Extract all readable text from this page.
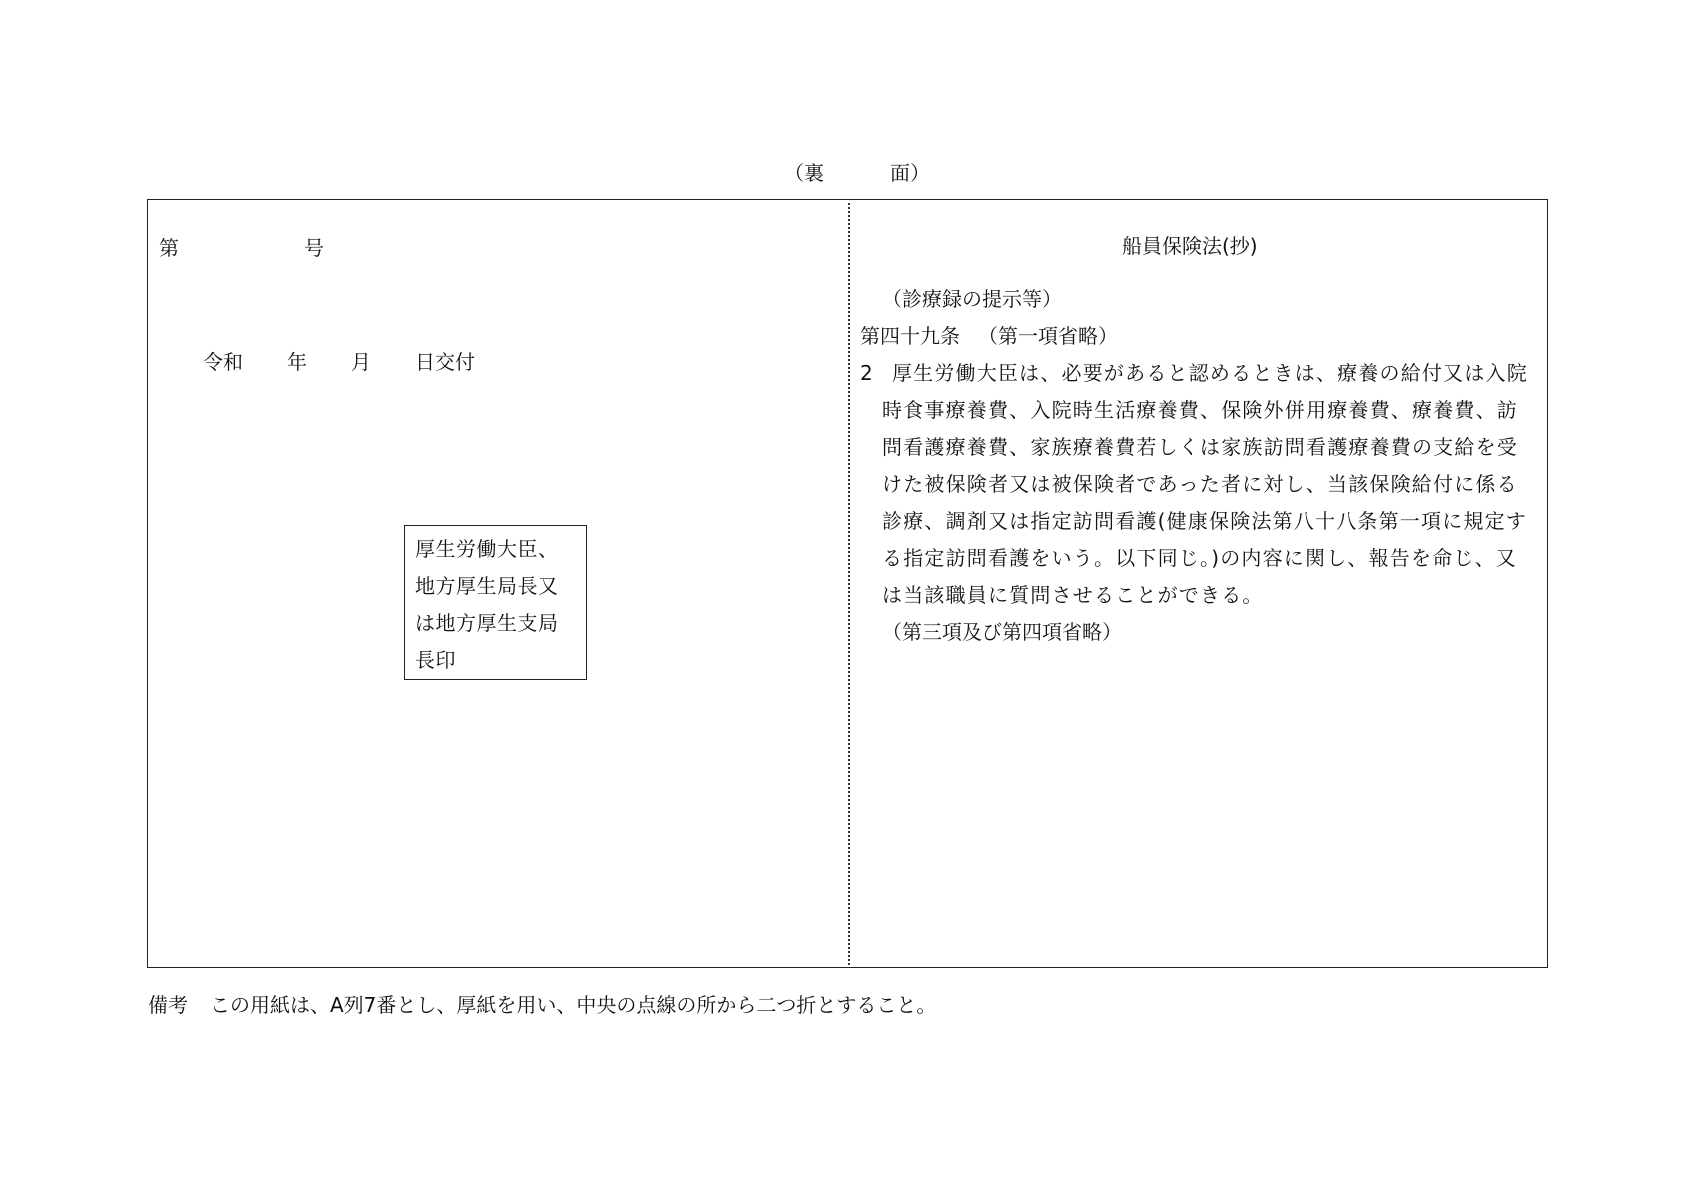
（裏	面）
第	号
令和 年 月 日交付
厚生労働大臣、
地方厚生局長又
は地方厚生支局
長印
船員保険法(抄)
（診療録の提示等）
第四十九条 （第一項省略）
2 厚生労働大臣は、必要があると認めるときは、療養の給付又は入院
時食事療養費、入院時生活療養費、保険外併用療養費、療養費、訪
問看護療養費、家族療養費若しくは家族訪問看護療養費の支給を受
けた被保険者又は被保険者であった者に対し、当該保険給付に係る
診療、調剤又は指定訪問看護(健康保険法第八十八条第一項に規定す
る指定訪問看護をいう。以下同じ。)の内容に関し、報告を命じ、又
は当該職員に質問させることができる。
（第三項及び第四項省略）
備考 この用紙は、A列7番とし、厚紙を用い、中央の点線の所から二つ折とすること。
